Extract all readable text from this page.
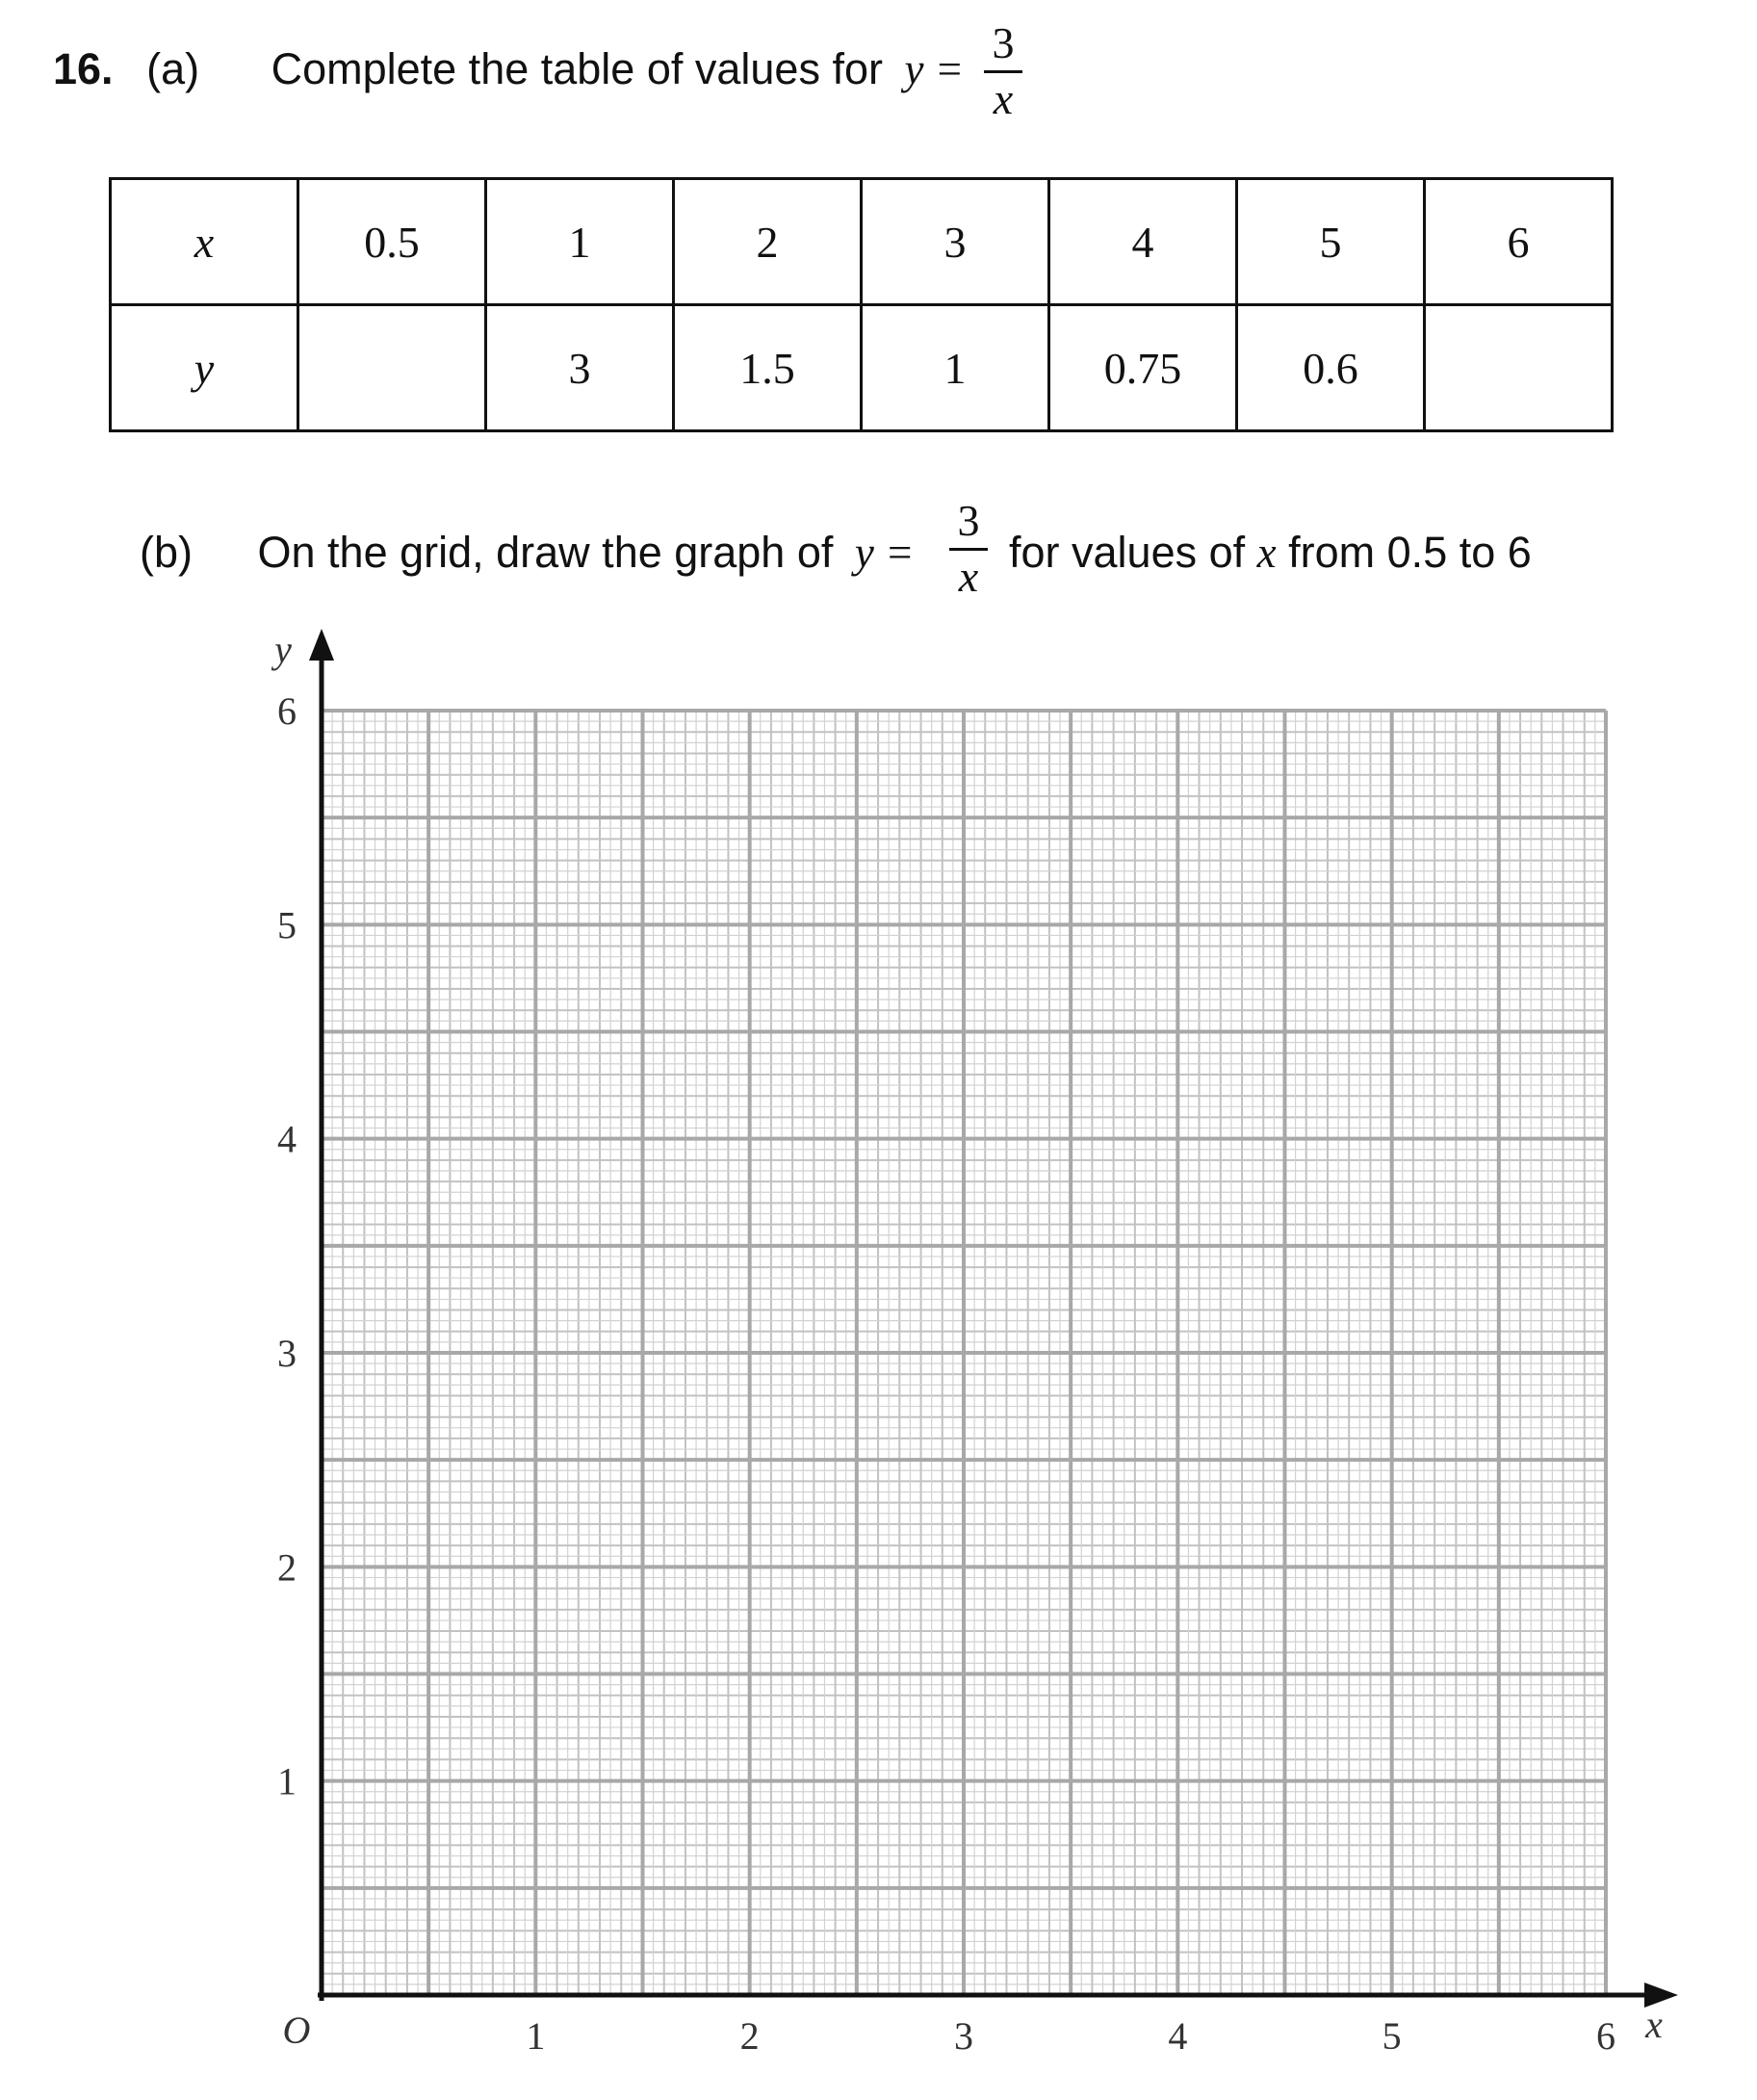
16. (a) Complete the table of values for y =
3
x
x	0.5	1	2	3	4	5	6
y		3	1.5	1	0.75	0.6	
(b) On the grid, draw the graph of y =
3
x for values of x from 0.5 to 6
1	2	3	4	5	6
1
2
3
4
5
6
O
y
x
